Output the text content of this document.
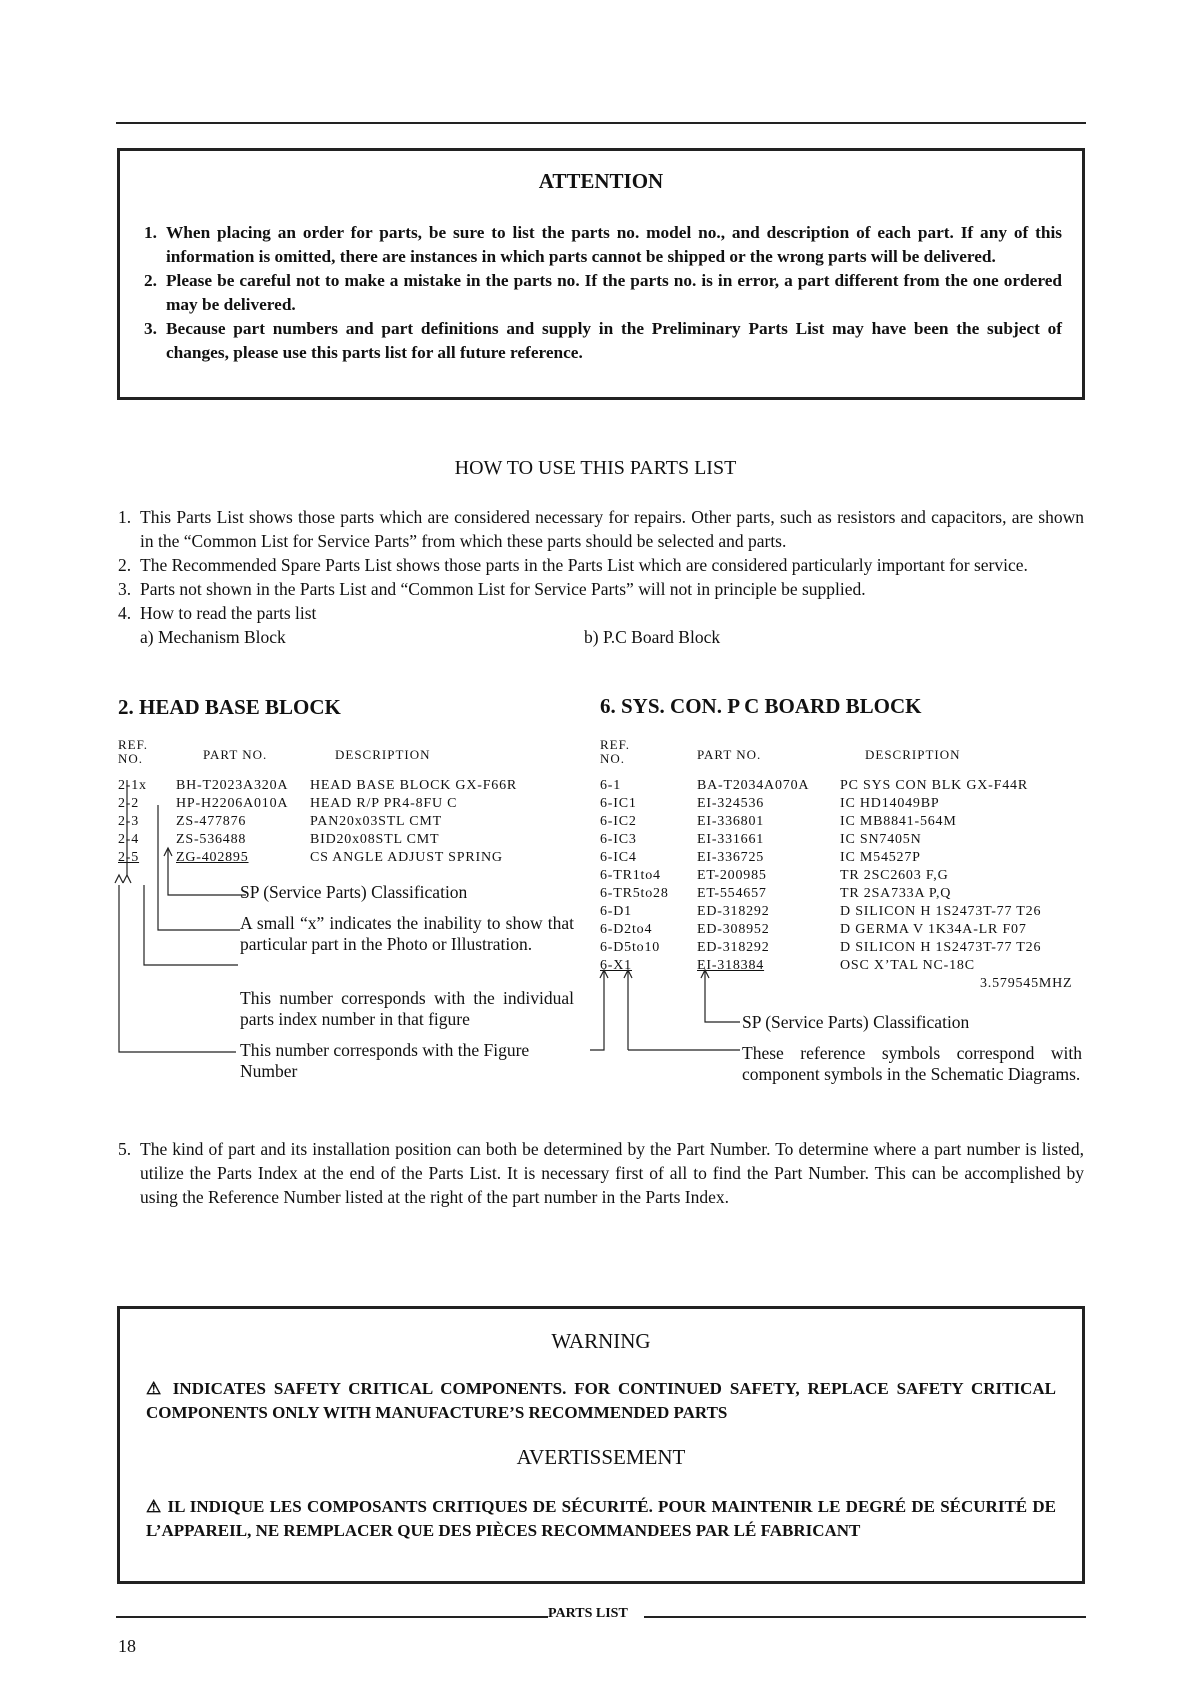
ATTENTION
1. When placing an order for parts, be sure to list the parts no. model no., and description of each part. If any of this information is omitted, there are instances in which parts cannot be shipped or the wrong parts will be delivered.
2. Please be careful not to make a mistake in the parts no. If the parts no. is in error, a part different from the one ordered may be delivered.
3. Because part numbers and part definitions and supply in the Preliminary Parts List may have been the subject of changes, please use this parts list for all future reference.
HOW TO USE THIS PARTS LIST
1. This Parts List shows those parts which are considered necessary for repairs. Other parts, such as resistors and capacitors, are shown in the “Common List for Service Parts” from which these parts should be selected and parts.
2. The Recommended Spare Parts List shows those parts in the Parts List which are considered particularly important for service.
3. Parts not shown in the Parts List and “Common List for Service Parts” will not in principle be supplied.
4. How to read the parts list
a) Mechanism Block	b) P.C Board Block
2. HEAD BASE BLOCK
REF.
NO.	PART NO.	DESCRIPTION
2-1x BH-T2023A320A HEAD BASE BLOCK GX-F66R
2-2	HP-H2206A010A HEAD R/P PR4-8FU C
2-3	ZS-477876	PAN20x03STL CMT
2-4	ZS-536488	BID20x08STL CMT
2-5	ZG-402895	CS ANGLE ADJUST SPRING
SP (Service Parts) Classification
A small “x” indicates the inability to show that particular part in the Photo or Illustration.
This number corresponds with the individual parts index number in that figure
This number corresponds with the Figure Number
6. SYS. CON. P C BOARD BLOCK
REF.
NO.	PART NO.	DESCRIPTION
6-1	BA-T2034A070A PC SYS CON BLK GX-F44R
6-IC1	EI-324536	IC HD14049BP
6-IC2	EI-336801	IC MB8841-564M
6-IC3	EI-331661	IC SN7405N
6-IC4	EI-336725	IC M54527P
6-TR1to4	ET-200985	TR 2SC2603 F,G
6-TR5to28 ET-554657	TR 2SA733A P,Q
6-D1	ED-318292	D SILICON H 1S2473T-77 T26
6-D2to4	ED-308952	D GERMA V 1K34A-LR F07
6-D5to10	ED-318292	D SILICON H 1S2473T-77 T26
6-X1	EI-318384	OSC X’TAL NC-18C
3.579545MHZ
SP (Service Parts) Classification
These reference symbols correspond with component symbols in the Schematic Diagrams.
5. The kind of part and its installation position can both be determined by the Part Number. To determine where a part number is listed, utilize the Parts Index at the end of the Parts List. It is necessary first of all to find the Part Number. This can be accomplished by using the Reference Number listed at the right of the part number in the Parts Index.
WARNING
⚠ INDICATES SAFETY CRITICAL COMPONENTS. FOR CONTINUED SAFETY, REPLACE SAFETY CRITICAL COMPONENTS ONLY WITH MANUFACTURE’S RECOMMENDED PARTS
AVERTISSEMENT
⚠ IL INDIQUE LES COMPOSANTS CRITIQUES DE SÉCURITÉ. POUR MAINTENIR LE DEGRÉ DE SÉCURITÉ DE L’APPAREIL, NE REMPLACER QUE DES PIÈCES RECOMMANDEES PAR LÉ FABRICANT
PARTS LIST
18
